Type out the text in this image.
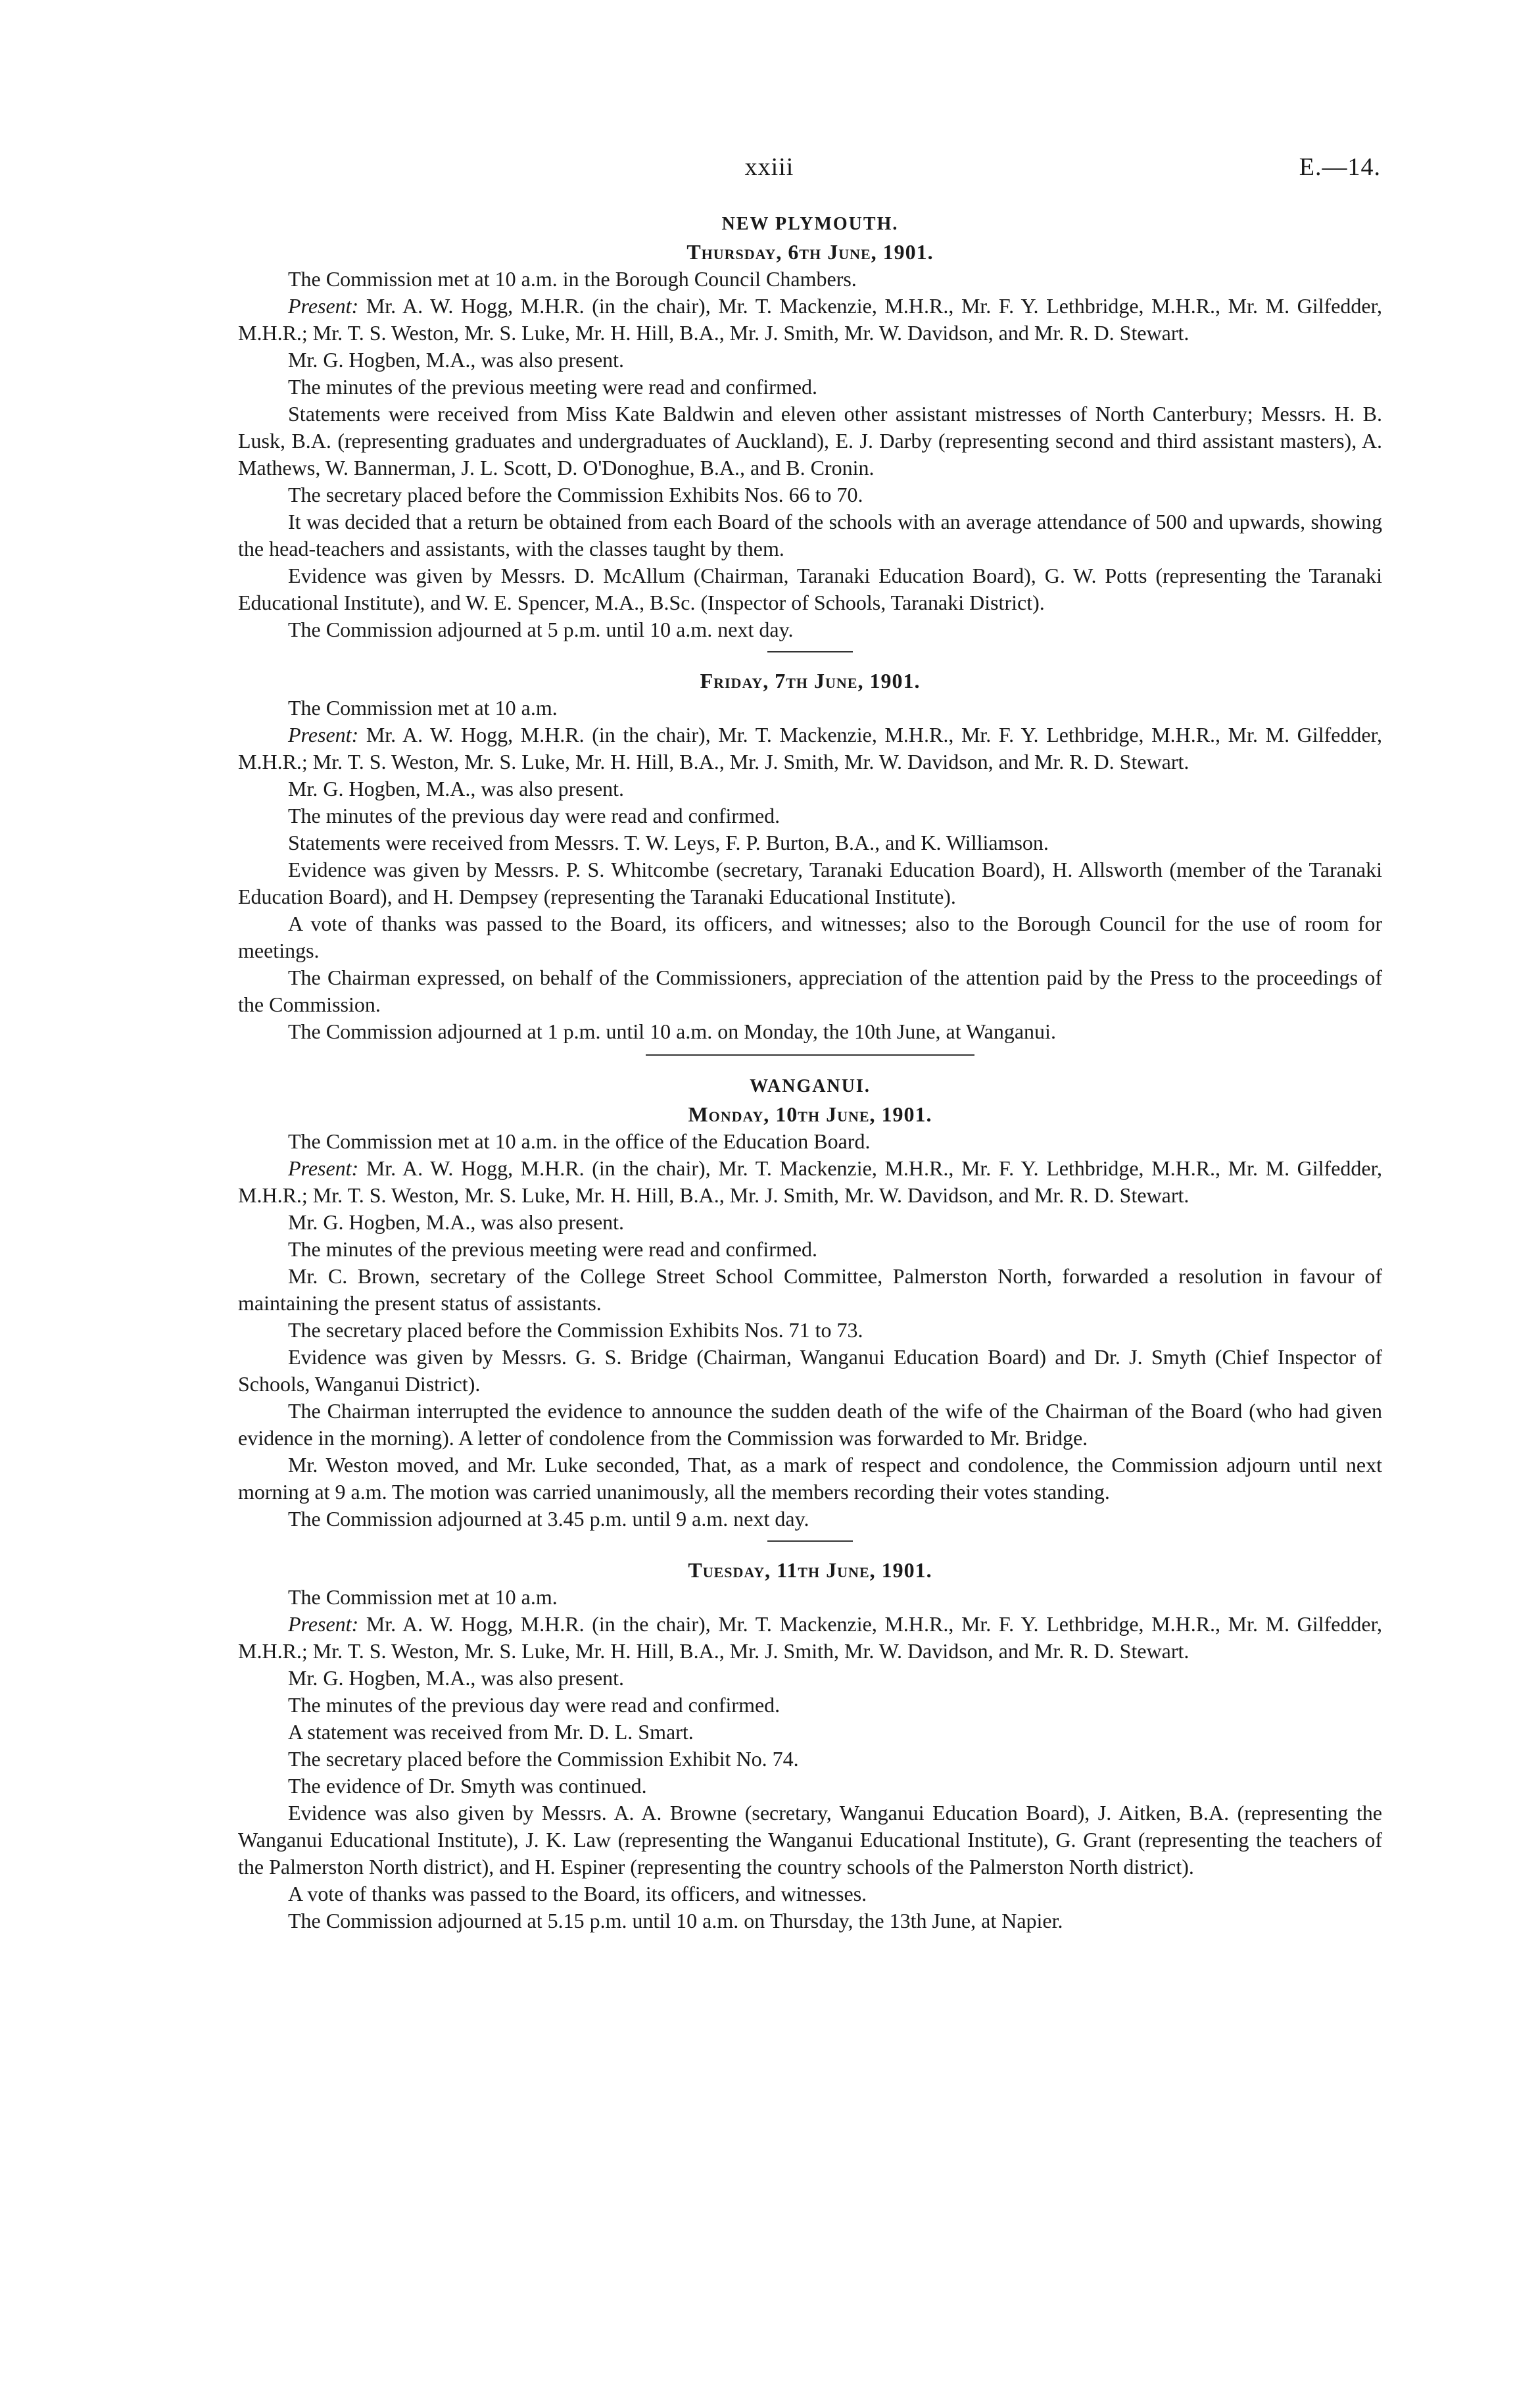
xxiii	E.—14.
NEW PLYMOUTH.
Thursday, 6th June, 1901.

The Commission met at 10 a.m. in the Borough Council Chambers.

Present: Mr. A. W. Hogg, M.H.R. (in the chair), Mr. T. Mackenzie, M.H.R., Mr. F. Y. Lethbridge, M.H.R., Mr. M. Gilfedder, M.H.R.; Mr. T. S. Weston, Mr. S. Luke, Mr. H. Hill, B.A., Mr. J. Smith, Mr. W. Davidson, and Mr. R. D. Stewart.

Mr. G. Hogben, M.A., was also present.

The minutes of the previous meeting were read and confirmed.

Statements were received from Miss Kate Baldwin and eleven other assistant mistresses of North Canterbury; Messrs. H. B. Lusk, B.A. (representing graduates and undergraduates of Auckland), E. J. Darby (representing second and third assistant masters), A. Mathews, W. Bannerman, J. L. Scott, D. O'Donoghue, B.A., and B. Cronin.

The secretary placed before the Commission Exhibits Nos. 66 to 70.

It was decided that a return be obtained from each Board of the schools with an average attendance of 500 and upwards, showing the head-teachers and assistants, with the classes taught by them.

Evidence was given by Messrs. D. McAllum (Chairman, Taranaki Education Board), G. W. Potts (representing the Taranaki Educational Institute), and W. E. Spencer, M.A., B.Sc. (Inspector of Schools, Taranaki District).

The Commission adjourned at 5 p.m. until 10 a.m. next day.

Friday, 7th June, 1901.

The Commission met at 10 a.m.

Present: Mr. A. W. Hogg, M.H.R. (in the chair), Mr. T. Mackenzie, M.H.R., Mr. F. Y. Lethbridge, M.H.R., Mr. M. Gilfedder, M.H.R.; Mr. T. S. Weston, Mr. S. Luke, Mr. H. Hill, B.A., Mr. J. Smith, Mr. W. Davidson, and Mr. R. D. Stewart.

Mr. G. Hogben, M.A., was also present.

The minutes of the previous day were read and confirmed.

Statements were received from Messrs. T. W. Leys, F. P. Burton, B.A., and K. Williamson.

Evidence was given by Messrs. P. S. Whitcombe (secretary, Taranaki Education Board), H. Allsworth (member of the Taranaki Education Board), and H. Dempsey (representing the Taranaki Educational Institute).

A vote of thanks was passed to the Board, its officers, and witnesses; also to the Borough Council for the use of room for meetings.

The Chairman expressed, on behalf of the Commissioners, appreciation of the attention paid by the Press to the proceedings of the Commission.

The Commission adjourned at 1 p.m. until 10 a.m. on Monday, the 10th June, at Wanganui.

WANGANUI.
Monday, 10th June, 1901.

The Commission met at 10 a.m. in the office of the Education Board.

Present: Mr. A. W. Hogg, M.H.R. (in the chair), Mr. T. Mackenzie, M.H.R., Mr. F. Y. Lethbridge, M.H.R., Mr. M. Gilfedder, M.H.R.; Mr. T. S. Weston, Mr. S. Luke, Mr. H. Hill, B.A., Mr. J. Smith, Mr. W. Davidson, and Mr. R. D. Stewart.

Mr. G. Hogben, M.A., was also present.

The minutes of the previous meeting were read and confirmed.

Mr. C. Brown, secretary of the College Street School Committee, Palmerston North, forwarded a resolution in favour of maintaining the present status of assistants.

The secretary placed before the Commission Exhibits Nos. 71 to 73.

Evidence was given by Messrs. G. S. Bridge (Chairman, Wanganui Education Board) and Dr. J. Smyth (Chief Inspector of Schools, Wanganui District).

The Chairman interrupted the evidence to announce the sudden death of the wife of the Chairman of the Board (who had given evidence in the morning). A letter of condolence from the Commission was forwarded to Mr. Bridge.

Mr. Weston moved, and Mr. Luke seconded, That, as a mark of respect and condolence, the Commission adjourn until next morning at 9 a.m. The motion was carried unanimously, all the members recording their votes standing.

The Commission adjourned at 3.45 p.m. until 9 a.m. next day.

Tuesday, 11th June, 1901.

The Commission met at 10 a.m.

Present: Mr. A. W. Hogg, M.H.R. (in the chair), Mr. T. Mackenzie, M.H.R., Mr. F. Y. Lethbridge, M.H.R., Mr. M. Gilfedder, M.H.R.; Mr. T. S. Weston, Mr. S. Luke, Mr. H. Hill, B.A., Mr. J. Smith, Mr. W. Davidson, and Mr. R. D. Stewart.

Mr. G. Hogben, M.A., was also present.

The minutes of the previous day were read and confirmed.

A statement was received from Mr. D. L. Smart.

The secretary placed before the Commission Exhibit No. 74.

The evidence of Dr. Smyth was continued.

Evidence was also given by Messrs. A. A. Browne (secretary, Wanganui Education Board), J. Aitken, B.A. (representing the Wanganui Educational Institute), J. K. Law (representing the Wanganui Educational Institute), G. Grant (representing the teachers of the Palmerston North district), and H. Espiner (representing the country schools of the Palmerston North district).

A vote of thanks was passed to the Board, its officers, and witnesses.

The Commission adjourned at 5.15 p.m. until 10 a.m. on Thursday, the 13th June, at Napier.
